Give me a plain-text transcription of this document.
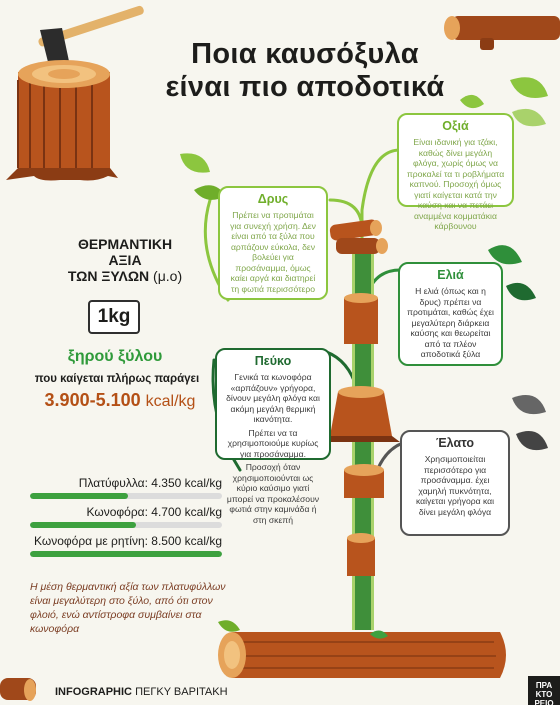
Ποια καυσόξυλα
είναι πιο αποδοτικά
ΘΕΡΜΑΝΤΙΚΗ
ΑΞΙΑ
ΤΩΝ ΞΥΛΩΝ (μ.ο)
1kg
ξηρού ξύλου
που καίγεται πλήρως παράγει
3.900-5.100 kcal/kg
Πλατύφυλλα: 4.350 kcal/kg
Κωνοφόρα: 4.700 kcal/kg
Κωνοφόρα με ρητίνη: 8.500 kcal/kg
Η μέση θερμαντική αξία των πλατυφύλλων είναι μεγαλύτερη στο ξύλο, από ότι στον φλοιό, ενώ αντίστροφα συμβαίνει στα κωνοφόρα
INFOGRAPHIC ΠΕΓΚΥ ΒΑΡΙΤΑΚΗ
ΠΡΑ
ΚΤΟ
ΡΕΙΟ
Οξιά

Είναι ιδανική για τζάκι, καθώς δίνει μεγάλη φλόγα, χωρίς όμως να προκαλεί τα τι ροβλήματα καπνού. Προσοχή όμως γιατί καίγεται κατά την καύση και να πετάει αναμμένα κομματάκια κάρβουνου

Δρυς

Πρέπει να προτιμάται για συνεχή χρήση. Δεν είναι από τα ξύλα που αρπάζουν εύκολα, δεν βολεύει για προσάναμμα, όμως καίει αργά και διατηρεί τη φωτιά περισσότερο

Ελιά

Η ελιά (όπως και η δρυς) πρέπει να προτιμάται, καθώς έχει μεγαλύτερη διάρκεια καύσης και θεωρείται από τα πλέον αποδοτικά ξύλα

Πεύκο

Γενικά τα κωνοφόρα «αρπάζουν» γρήγορα, δίνουν μεγάλη φλόγα και ακόμη μεγάλη θερμική ικανότητα.

Πρέπει να τα χρησιμοποιούμε κυρίως για προσάναμμα.

Προσοχή όταν χρησιμοποιούνται ως κύριο καύσιμο γιατί μπορεί να προκαλέσουν φωτιά στην καμινάδα ή στη σκεπή

Έλατο

Χρησιμοποιείται περισσότερο για προσάναμμα. έχει χαμηλή πυκνότητα, καίγεται γρήγορα και δίνει μεγάλη φλόγα
